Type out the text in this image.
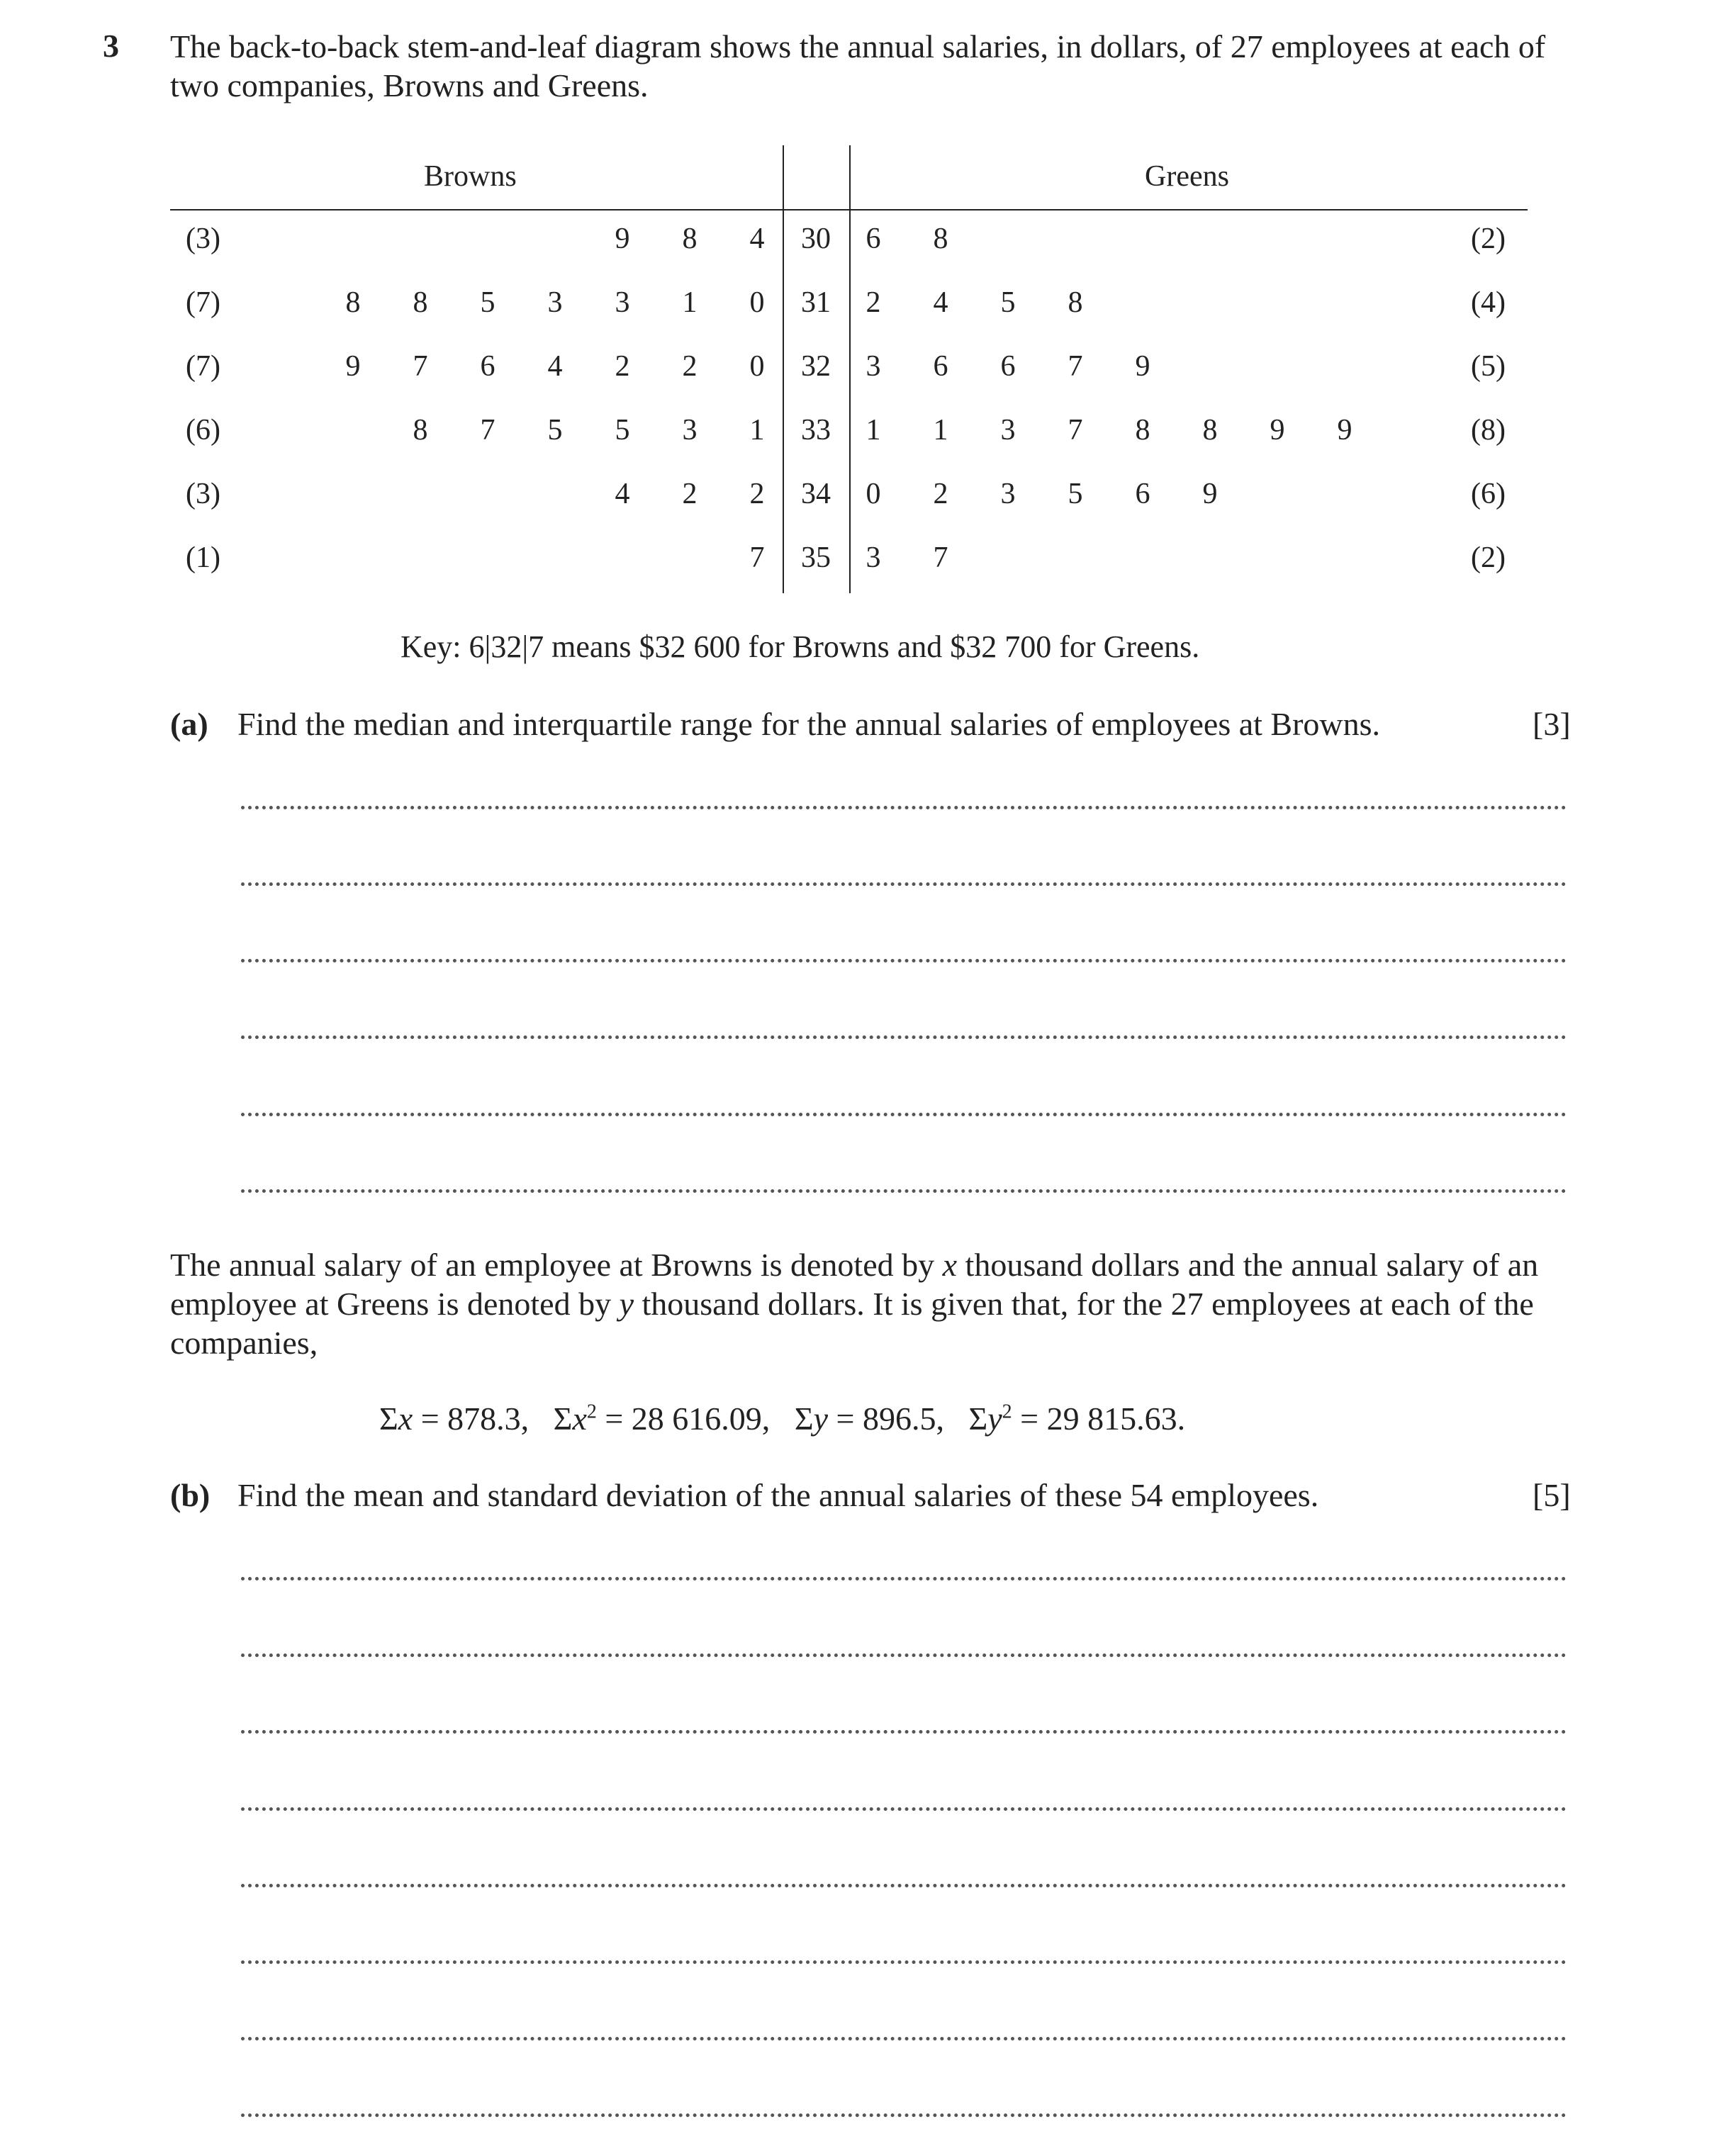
3 The back-to-back stem-and-leaf diagram shows the annual salaries, in dollars, of 27 employees at each of two companies, Browns and Greens.
Browns	Greens
(3)	9	8	4	30	6	8	(2)
(7)	8	8	5	3	3	1	0	31	2	4	5	8	(4)
(7)	9	7	6	4	2	2	0	32	3	6	6	7	9	(5)
(6)	8	7	5	5	3	1	33	1	1	3	7	8	8	9	9	(8)
(3)	4	2	2	34	0	2	3	5	6	9	(6)
(1)	7	35	3	7	(2)
Key: 6|32|7 means $32 600 for Browns and $32 700 for Greens.
(a) Find the median and interquartile range for the annual salaries of employees at Browns.	[3]
The annual salary of an employee at Browns is denoted by x thousand dollars and the annual salary of an employee at Greens is denoted by y thousand dollars. It is given that, for the 27 employees at each of the companies,
Σx = 878.3, $\Sigma x^2 = 28$ 616.09, Σy = 896.5, $\Sigma y^2 = 29$ 815.63.
(b) Find the mean and standard deviation of the annual salaries of these 54 employees.	[5]
